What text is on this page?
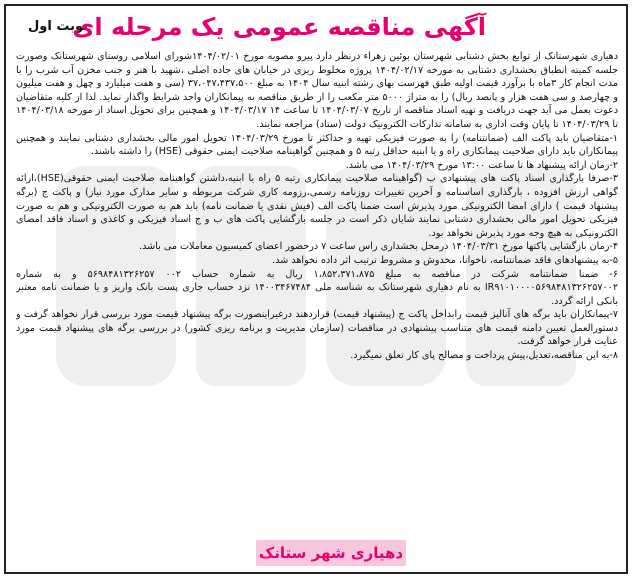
نوبت اول
آگهی مناقصه عمومی یک مرحله ای

دهیاری شهرستانک از توابع بخش دشتابی شهرستان بوئین زهراء درنظر دارد پیرو مصوبه مورخ ۱۴۰۴/۰۲/۰۱شورای اسلامی روستای شهرستانک وصورت جلسه کمیته انطباق بخشداری دشتابی به مورخه ۱۴۰۴/۰۲/۱۷ پروژه مخلوط ریزی در خیابان های جاده اصلی ،شهید با هنر و جنب مخزن آب شرب را با مدت انجام کار ۳ماه با برآورد قیمت اولیه طبق فهرست بهای رشته ابنیه سال ۱۴۰۴ به مبلغ ۳۷،۰۴۷،۴۳۷،۵۰۰ (سی و هفت میلیارد و چهل و هفت میلیون و چهارصد و سی هفت هزار و پانصد ریال) را به متراژ ۵۰۰۰ متر مکعب را از طریق مناقصه به پیمانکاران واجد شرایط واگذار نماید. لذا از کلیه متقاضیان دعوت بعمل می آید جهت دریافت و تهیه اسناد مناقصه از تاریخ ۱۴۰۴/۰۳/۰۷ تا ساعت ۱۴ ۱۴۰۴/۰۳/۱۷ و همچنین برای تحویل اسناد از مورخه ۱۴۰۴/۰۳/۱۸ تا ۱۴۰۴/۰۳/۲۹ تا پایان وقت اداری به سامانه تدارکات الکترونیک دولت (ستاد) مراجعه نمایند.

۱-متقاضیان باید پاکت الف (ضمانتنامه) را به صورت فیزیکی تهیه و حداکثر تا مورخ ۱۴۰۴/۰۳/۲۹ تحویل امور مالی بخشداری دشتابی نمایند و همچنین پیمانکاران باید دارای صلاحیت پیمانکاری راه و یا ابنیه حداقل رتبه ۵ و همچنین گواهینامه صلاحیت ایمنی حقوقی (HSE) را داشته باشند.

۲-زمان ارائه پیشنهاد ها تا ساعت ۱۳:۰۰ مورخ ۱۴۰۴/۰۳/۲۹ می باشد.

۳-صرفا بارگذاری اسناد پاکت های پیشنهادی ب (گواهینامه صلاحیت پیمانکاری رتبه ۵ راه یا ابنیه،داشتن گواهینامه صلاحیت ایمنی حقوقی(HSE)،ارائه گواهی ارزش افزوده ، بارگذاری اساسنامه و آخرین تغییرات روزنامه رسمی،رزومه کاری شرکت مربوطه و سایر مدارک مورد نیاز) و پاکت ج (برگه پیشنهاد قیمت ) دارای امضا الکترونیکی مورد پذیرش است ضمنا پاکت الف (فیش نقدی یا ضمانت نامه) باید هم به صورت الکترونیکی و هم به صورت فیزیکی تحویل امور مالی بخشداری دشتابی نمایند شایان ذکر است در جلسه بازگشایی پاکت های ب و ج اسناد فیزیکی و کاغذی و اسناد فاقد امضای الکترونیکی به هیچ وجه مورد پذیرش نخواهد بود.

۴-زمان بازگشایی پاکتها مورخ ۱۴۰۴/۰۳/۳۱ درمحل بخشداری راس ساعت ۷ درحضور اعضای کمیسیون معاملات می باشد.

۵-به پیشنهادهای فاقد ضمانتنامه، ناخوانا، مخدوش و مشروط ترتیب اثر داده نخواهد شد.

۶- ضمنا ضمانتنامه شرکت در مناقصه به مبلغ ۱،۸۵۲،۳۷۱،۸۷۵ ریال به شماره حساب ۰۰۲ ۵۶۹۸۴۸۱۳۲۶۲۵۷ و به شماره IR۹۱۰۱۰۰۰۰۵۶۹۸۴۸۱۳۲۶۲۵۷۰۰۲ به نام دهیاری شهرستانک به شناسه ملی ۱۴۰۰۳۴۶۷۴۸۴ نزد حساب جاری پست بانک واریز و یا ضمانت نامه معتبر بانکی ارائه گردد.

۷-پیمانکاران باید برگه های آنالیز قیمت رابداخل پاکت ج (پیشنهاد قیمت) قراردهند درغیراینصورت برگه پیشنهاد قیمت مورد بررسی قرار نخواهد گرفت و دستورالعمل تعیین دامنه قیمت های متناسب پیشنهادی در مناقصات (سازمان مدیریت و برنامه ریزی کشور) در بررسی برگه های پیشنهاد قیمت مورد عنایت قرار خواهد گرفت.

۸-به این مناقصه،تعدیل،پیش پرداخت و مصالح پای کار تعلق نمیگیرد.

دهیاری شهر ستانک
